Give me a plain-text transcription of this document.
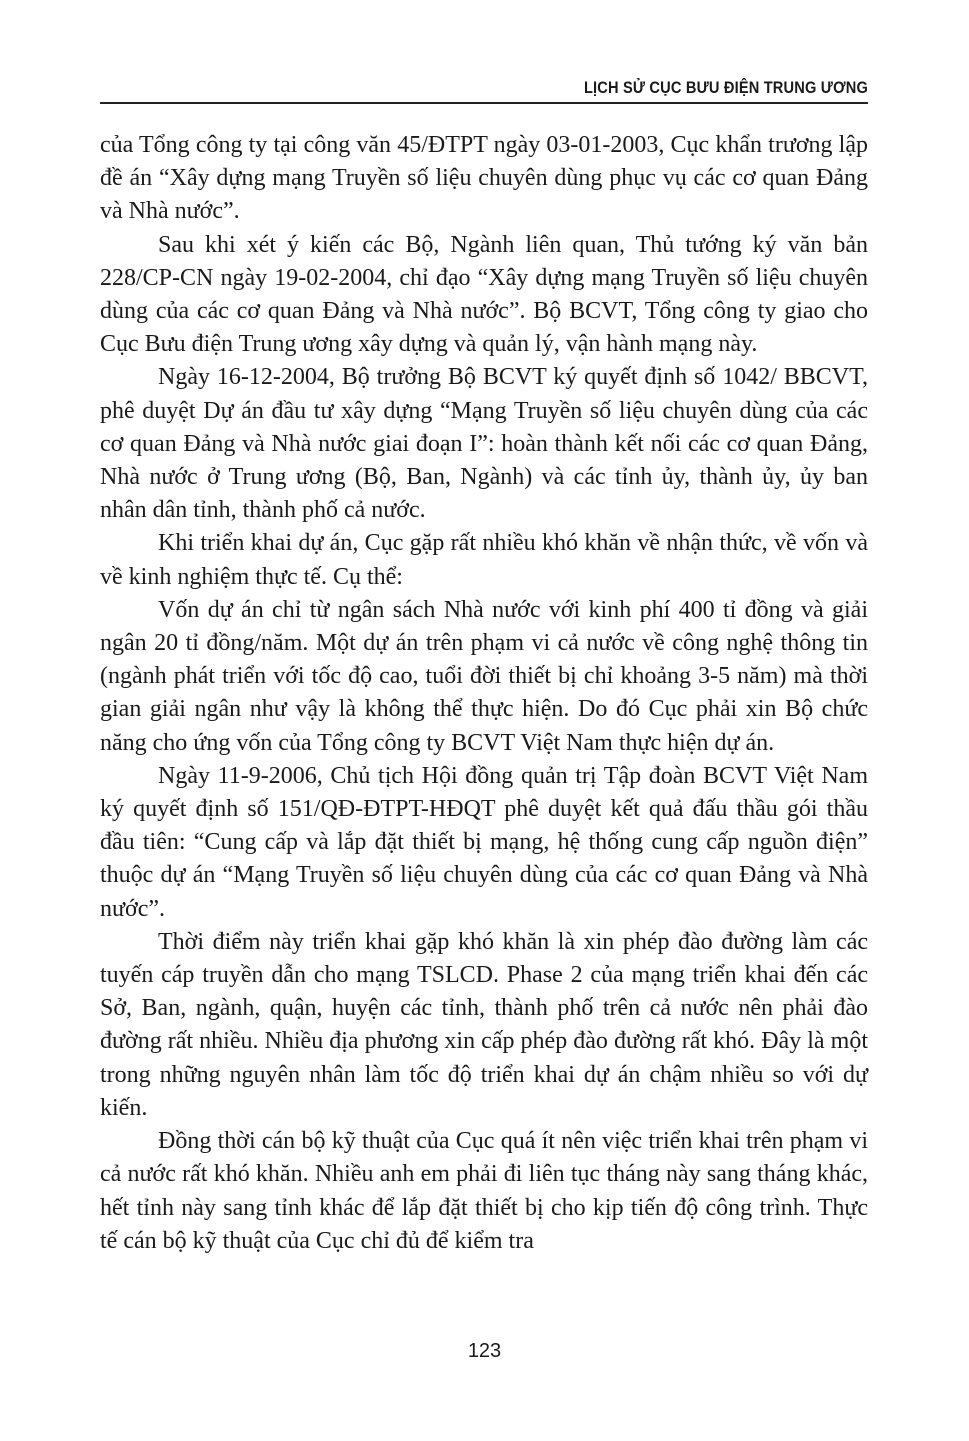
LỊCH SỬ CỤC BƯU ĐIỆN TRUNG ƯƠNG

của Tổng công ty tại công văn 45/ĐTPT ngày 03-01-2003, Cục khẩn trương lập đề án “Xây dựng mạng Truyền số liệu chuyên dùng phục vụ các cơ quan Đảng và Nhà nước”.

Sau khi xét ý kiến các Bộ, Ngành liên quan, Thủ tướng ký văn bản 228/CP-CN ngày 19-02-2004, chỉ đạo “Xây dựng mạng Truyền số liệu chuyên dùng của các cơ quan Đảng và Nhà nước”. Bộ BCVT, Tổng công ty giao cho Cục Bưu điện Trung ương xây dựng và quản lý, vận hành mạng này.

Ngày 16-12-2004, Bộ trưởng Bộ BCVT ký quyết định số 1042/ BBCVT, phê duyệt Dự án đầu tư xây dựng “Mạng Truyền số liệu chuyên dùng của các cơ quan Đảng và Nhà nước giai đoạn I”: hoàn thành kết nối các cơ quan Đảng, Nhà nước ở Trung ương (Bộ, Ban, Ngành) và các tỉnh ủy, thành ủy, ủy ban nhân dân tỉnh, thành phố cả nước.

Khi triển khai dự án, Cục gặp rất nhiều khó khăn về nhận thức, về vốn và về kinh nghiệm thực tế. Cụ thể:

Vốn dự án chỉ từ ngân sách Nhà nước với kinh phí 400 tỉ đồng và giải ngân 20 tỉ đồng/năm. Một dự án trên phạm vi cả nước về công nghệ thông tin (ngành phát triển với tốc độ cao, tuổi đời thiết bị chỉ khoảng 3-5 năm) mà thời gian giải ngân như vậy là không thể thực hiện. Do đó Cục phải xin Bộ chức năng cho ứng vốn của Tổng công ty BCVT Việt Nam thực hiện dự án.

Ngày 11-9-2006, Chủ tịch Hội đồng quản trị Tập đoàn BCVT Việt Nam ký quyết định số 151/QĐ-ĐTPT-HĐQT phê duyệt kết quả đấu thầu gói thầu đầu tiên: “Cung cấp và lắp đặt thiết bị mạng, hệ thống cung cấp nguồn điện” thuộc dự án “Mạng Truyền số liệu chuyên dùng của các cơ quan Đảng và Nhà nước”.

Thời điểm này triển khai gặp khó khăn là xin phép đào đường làm các tuyến cáp truyền dẫn cho mạng TSLCD. Phase 2 của mạng triển khai đến các Sở, Ban, ngành, quận, huyện các tỉnh, thành phố trên cả nước nên phải đào đường rất nhiều. Nhiều địa phương xin cấp phép đào đường rất khó. Đây là một trong những nguyên nhân làm tốc độ triển khai dự án chậm nhiều so với dự kiến.

Đồng thời cán bộ kỹ thuật của Cục quá ít nên việc triển khai trên phạm vi cả nước rất khó khăn. Nhiều anh em phải đi liên tục tháng này sang tháng khác, hết tỉnh này sang tỉnh khác để lắp đặt thiết bị cho kịp tiến độ công trình. Thực tế cán bộ kỹ thuật của Cục chỉ đủ để kiểm tra

123
